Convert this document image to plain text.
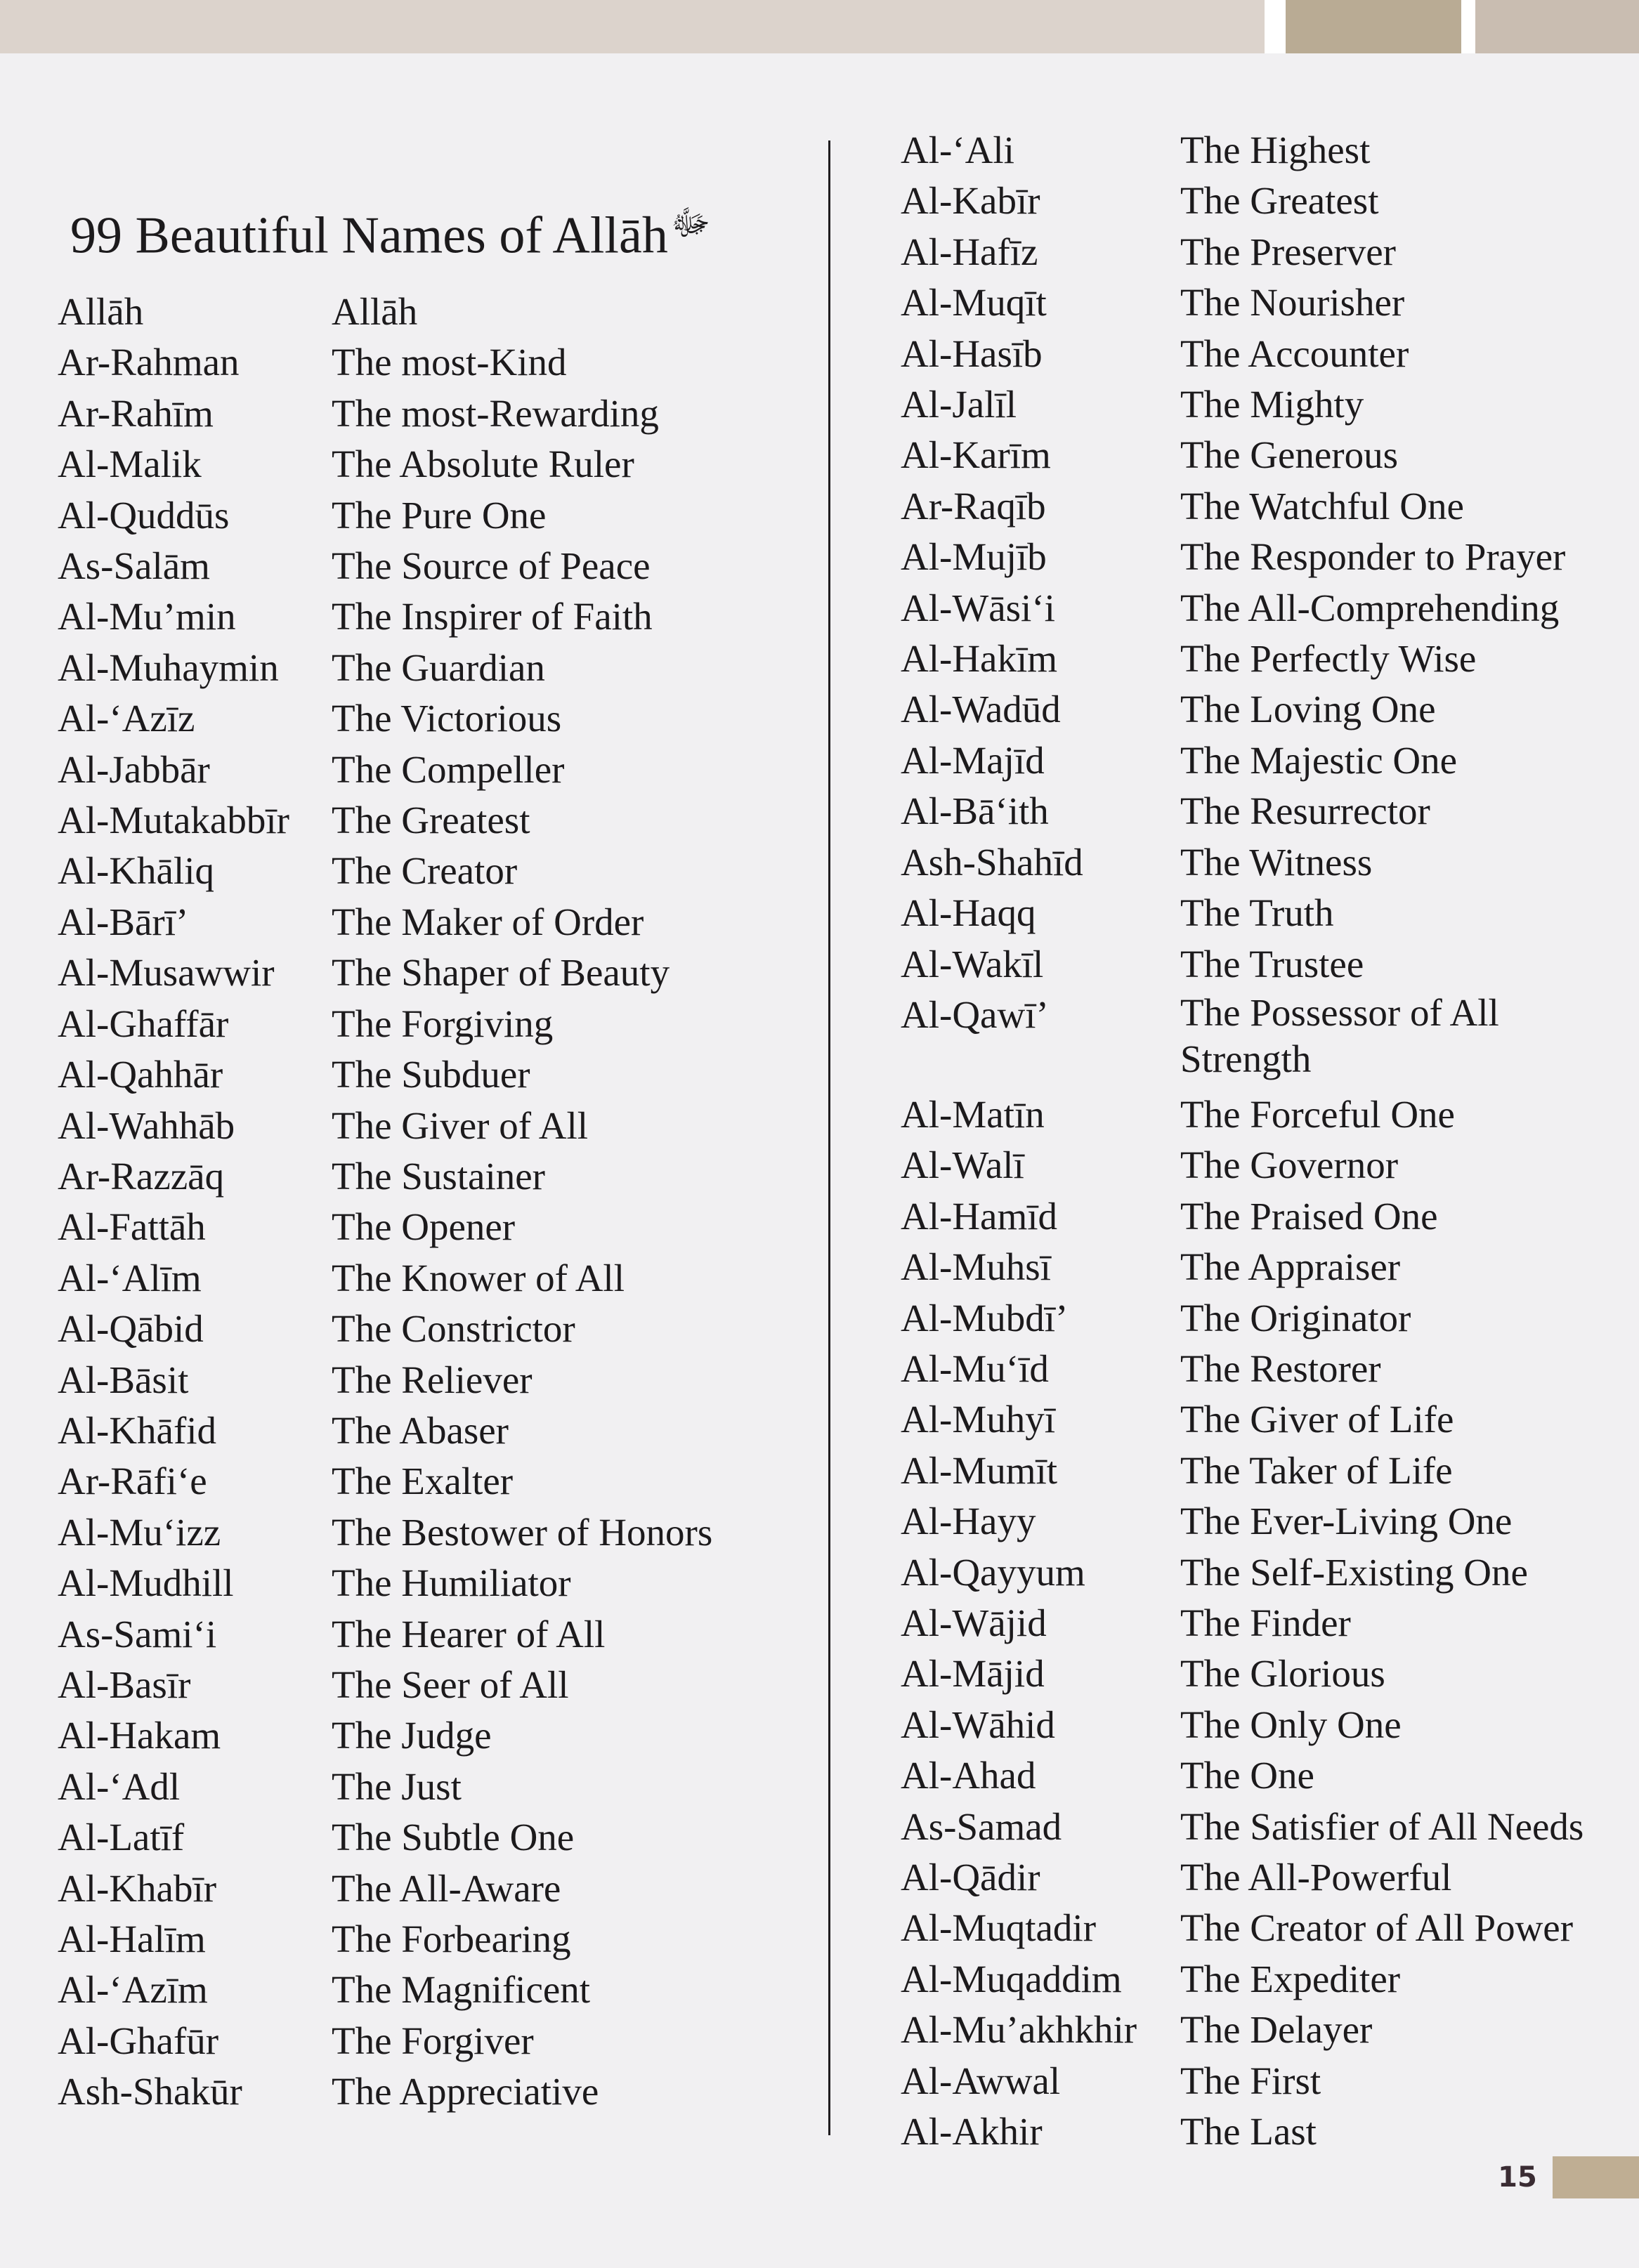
99 Beautiful Names of Allāh$^ﷻ$
Allāh	Allāh
Ar-Rahman	The most-Kind
Ar-Rahīm	The most-Rewarding
Al-Malik	The Absolute Ruler
Al-Quddūs	The Pure One
As-Salām	The Source of Peace
Al-Mu’min	The Inspirer of Faith
Al-Muhaymin	The Guardian
Al-‘Azīz	The Victorious
Al-Jabbār	The Compeller
Al-Mutakabbīr	The Greatest
Al-Khāliq	The Creator
Al-Bārī’	The Maker of Order
Al-Musawwir	The Shaper of Beauty
Al-Ghaffār	The Forgiving
Al-Qahhār	The Subduer
Al-Wahhāb	The Giver of All
Ar-Razzāq	The Sustainer
Al-Fattāh	The Opener
Al-‘Alīm	The Knower of All
Al-Qābid	The Constrictor
Al-Bāsit	The Reliever
Al-Khāfid	The Abaser
Ar-Rāfi‘e	The Exalter
Al-Mu‘izz	The Bestower of Honors
Al-Mudhill	The Humiliator
As-Sami‘i	The Hearer of All
Al-Basīr	The Seer of All
Al-Hakam	The Judge
Al-‘Adl	The Just
Al-Latīf	The Subtle One
Al-Khabīr	The All-Aware
Al-Halīm	The Forbearing
Al-‘Azīm	The Magnificent
Al-Ghafūr	The Forgiver
Ash-Shakūr	The Appreciative
Al-‘Ali	The Highest
Al-Kabīr	The Greatest
Al-Hafīz	The Preserver
Al-Muqīt	The Nourisher
Al-Hasīb	The Accounter
Al-Jalīl	The Mighty
Al-Karīm	The Generous
Ar-Raqīb	The Watchful One
Al-Mujīb	The Responder to Prayer
Al-Wāsi‘i	The All-Comprehending
Al-Hakīm	The Perfectly Wise
Al-Wadūd	The Loving One
Al-Majīd	The Majestic One
Al-Bā‘ith	The Resurrector
Ash-Shahīd	The Witness
Al-Haqq	The Truth
Al-Wakīl	The Trustee
Al-Qawī’	The Possessor of All Strength
Al-Matīn	The Forceful One
Al-Walī	The Governor
Al-Hamīd	The Praised One
Al-Muhsī	The Appraiser
Al-Mubdī’	The Originator
Al-Mu‘īd	The Restorer
Al-Muhyī	The Giver of Life
Al-Mumīt	The Taker of Life
Al-Hayy	The Ever-Living One
Al-Qayyum	The Self-Existing One
Al-Wājid	The Finder
Al-Mājid	The Glorious
Al-Wāhid	The Only One
Al-Ahad	The One
As-Samad	The Satisfier of All Needs
Al-Qādir	The All-Powerful
Al-Muqtadir	The Creator of All Power
Al-Muqaddim	The Expediter
Al-Mu’akhkhir	The Delayer
Al-Awwal	The First
Al-Akhir	The Last
15
